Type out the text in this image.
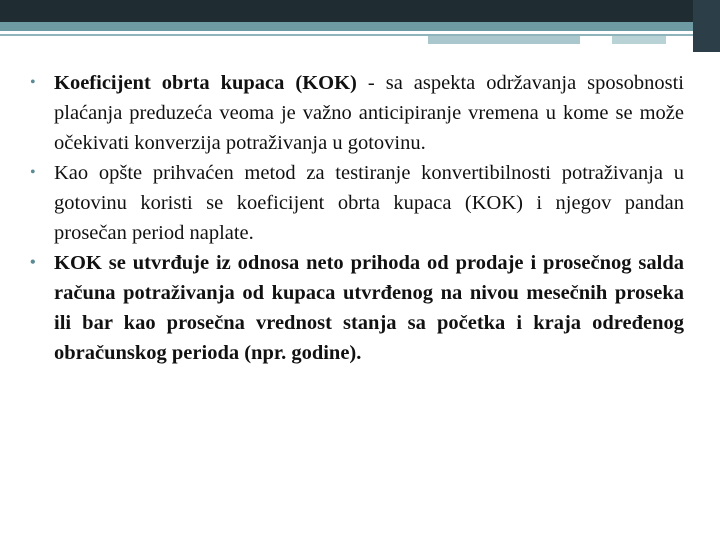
• Koeficijent obrta kupaca (KOK) - sa aspekta održavanja sposobnosti plaćanja preduzeća veoma je važno anticipiranje vremena u kome se može očekivati konverzija potraživanja u gotovinu.

• Kao opšte prihvaćen metod za testiranje konvertibilnosti potraživanja u gotovinu koristi se koeficijent obrta kupaca (KOK) i njegov pandan prosečan period naplate.

• KOK se utvrđuje iz odnosa neto prihoda od prodaje i prosečnog salda računa potraživanja od kupaca utvrđenog na nivou mesečnih proseka ili bar kao prosečna vrednost stanja sa početka i kraja određenog obračunskog perioda (npr. godine).
